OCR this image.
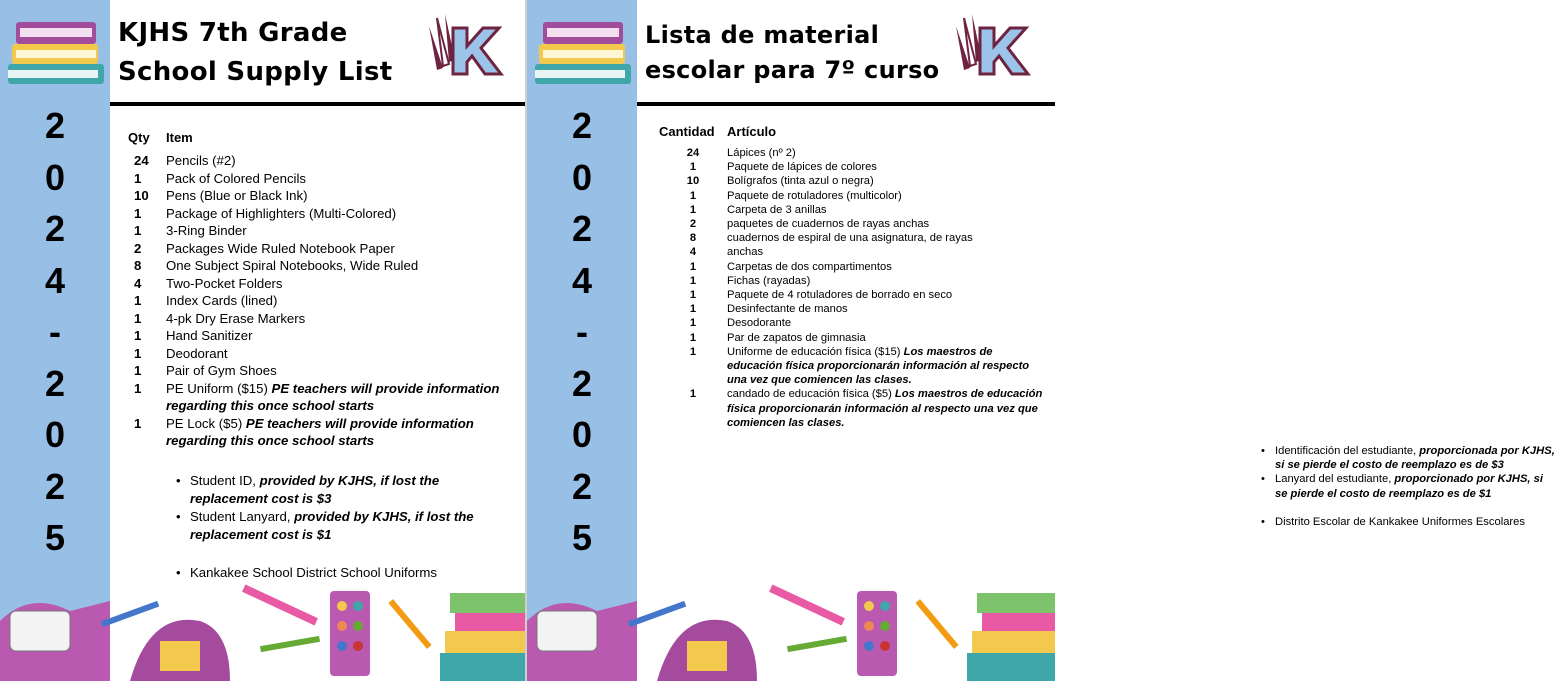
2
0
2
4
-
2
0
2
5
KJHS 7th Grade
School Supply List	EST. 1960
Qty Item
24	Pencils (#2)
1	Pack of Colored Pencils
10	Pens (Blue or Black Ink)
1	Package of Highlighters (Multi-Colored)
1	3-Ring Binder
2	Packages Wide Ruled Notebook Paper
8	One Subject Spiral Notebooks, Wide Ruled
4	Two-Pocket Folders
1	Index Cards (lined)
1	4-pk Dry Erase Markers
1	Hand Sanitizer
1	Deodorant
1	Pair of Gym Shoes
1	PE Uniform ($15) PE teachers will provide information regarding this once school starts
1	PE Lock ($5) PE teachers will provide information regarding this once school starts
• Student ID, provided by KJHS, if lost the replacement cost is $3
• Student Lanyard, provided by KJHS, if lost the replacement cost is $1
• Kankakee School District School Uniforms
2
0
2
4
-
2
0
2
5
Lista de material
escolar para 7º curso
Cantidad Artículo
24	Lápices (nº 2)
1	Paquete de lápices de colores
10	Bolígrafos (tinta azul o negra)
1	Paquete de rotuladores (multicolor)
1	Carpeta de 3 anillas
2	paquetes de cuadernos de rayas anchas
8	cuadernos de espiral de una asignatura, de rayas
4	anchas
1	Carpetas de dos compartimentos
1	Fichas (rayadas)
1	Paquete de 4 rotuladores de borrado en seco
1	Desinfectante de manos
1	Desodorante
1	Par de zapatos de gimnasia
1	Uniforme de educación física ($15) Los maestros de educación física proporcionarán información al respecto una vez que comiencen las clases.
1	candado de educación física ($5) Los maestros de educación física proporcionarán información al respecto una vez que comiencen las clases.
• Identificación del estudiante, proporcionada por KJHS, si se pierde el costo de reemplazo es de $3
• Lanyard del estudiante, proporcionado por KJHS, si se pierde el costo de reemplazo es de $1
• Distrito Escolar de Kankakee Uniformes Escolares
